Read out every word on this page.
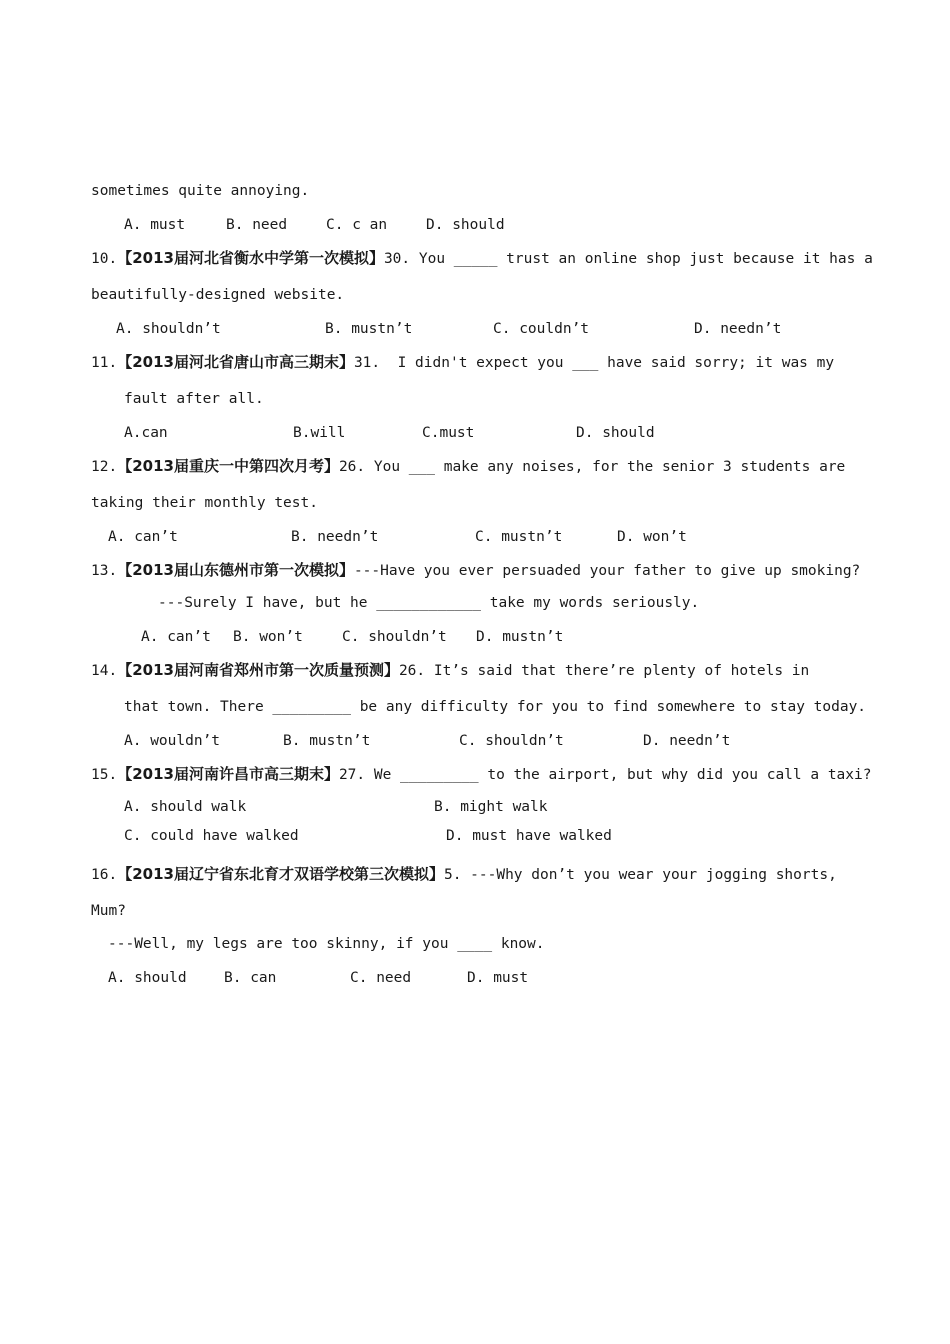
sometimes quite annoying.
A. must	B. need	C. c an	D. should
10.【2013届河北省衡水中学第一次模拟】30. You _____ trust an online shop just because it has a
beautifully-designed website.
A. shouldn’t	B. mustn’t	C. couldn’t	D. needn’t
11.【2013届河北省唐山市高三期末】31.  I didn't expect you ___ have said sorry; it was my
fault after all.
A.can	B.will	C.must	D. should
12.【2013届重庆一中第四次月考】26. You ___ make any noises, for the senior 3 students are
taking their monthly test.
A. can’t	B. needn’t	C. mustn’t	D. won’t
13.【2013届山东德州市第一次模拟】---Have you ever persuaded your father to give up smoking?
---Surely I have, but he ____________ take my words seriously.
A. can’t B. won’t	C. shouldn’t D. mustn’t
14.【2013届河南省郑州市第一次质量预测】26. It’s said that there’re plenty of hotels in
that town. There _________ be any difficulty for you to find somewhere to stay today.
A. wouldn’t	B. mustn’t	C. shouldn’t	D. needn’t
15.【2013届河南许昌市高三期末】27. We _________ to the airport, but why did you call a taxi?
A. should walk	B. might walk
C. could have walked	D. must have walked
16.【2013届辽宁省东北育才双语学校第三次模拟】5. ---Why don’t you wear your jogging shorts,
Mum?
---Well, my legs are too skinny, if you ____ know.
A. should	B. can	C. need	D. must
